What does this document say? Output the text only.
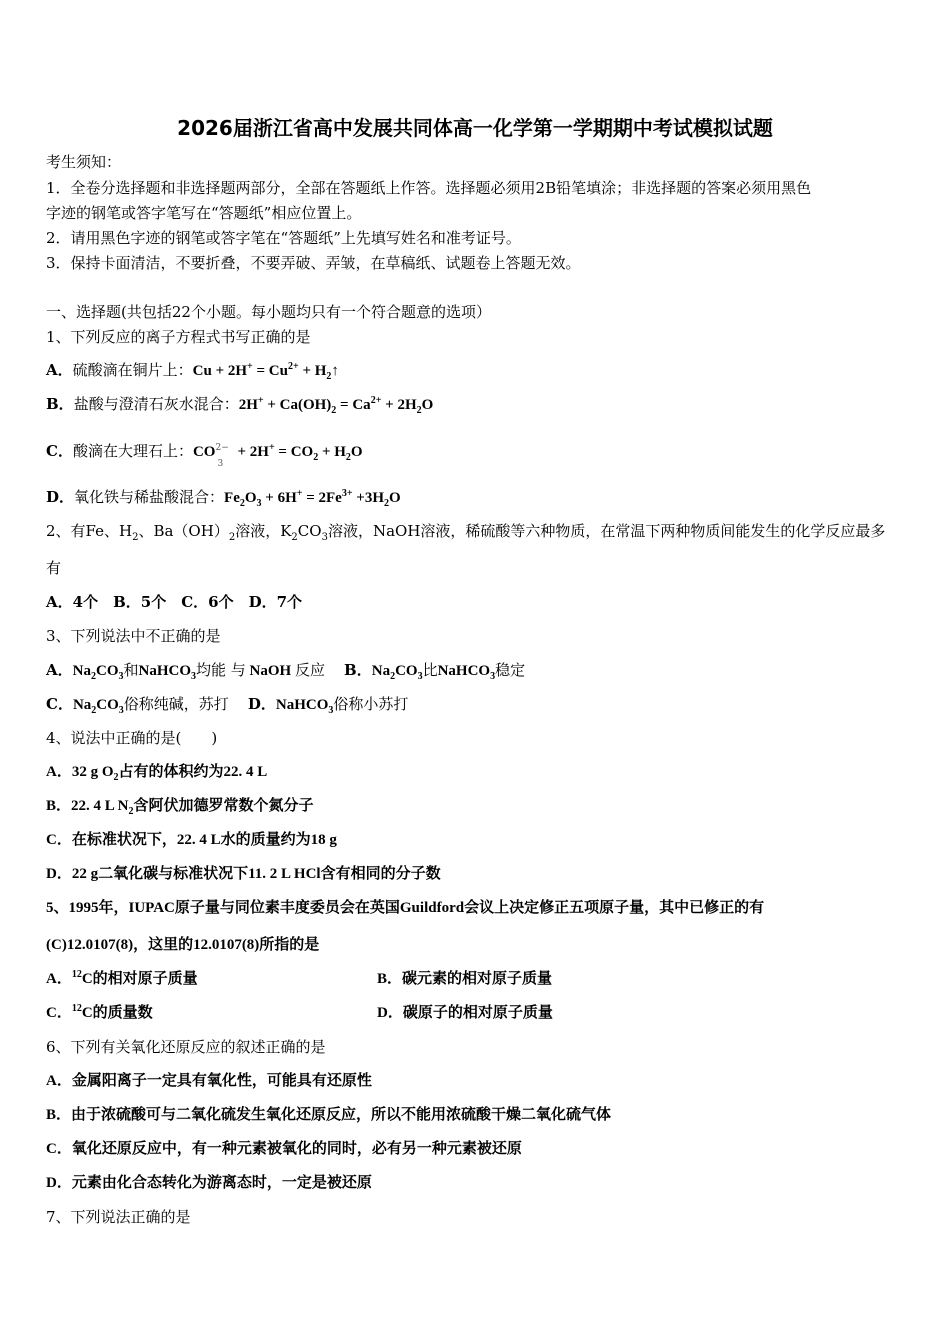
2026届浙江省高中发展共同体高一化学第一学期期中考试模拟试题
考生须知：
1．全卷分选择题和非选择题两部分，全部在答题纸上作答。选择题必须用2B铅笔填涂；非选择题的答案必须用黑色
字迹的钢笔或答字笔写在“答题纸”相应位置上。
2．请用黑色字迹的钢笔或答字笔在“答题纸”上先填写姓名和准考证号。
3．保持卡面清洁，不要折叠，不要弄破、弄皱，在草稿纸、试题卷上答题无效。
一、选择题(共包括22个小题。每小题均只有一个符合题意的选项）
1、下列反应的离子方程式书写正确的是
A．硫酸滴在铜片上：$Cu + 2H^+ = Cu^{2+}$ + $H_2↑$
B．盐酸与澄清石灰水混合：$2H^+ + Ca(OH)_2 = Ca^{2+} + 2H_2O$
C．酸滴在大理石上：CO 2−
3
+ $2H^+ = CO_2 + H_2O$
D．氧化铁与稀盐酸混合：$Fe_2O_3 + 6H^+ = 2Fe^{3+} +3H_2O$
2、有Fe、$H_2$、$Ba(OH)_2$溶液，$K_2CO_3$溶液，NaOH溶液，稀硫酸等六种物质，在常温下两种物质间能发生的化学反应最多
有
A．4个　B．5个　C．6个　D．7个
3、下列说法中不正确的是
A．$Na_2CO_3$和NaHCO$_3$均能 与 NaOH 反应 B．$Na_2CO_3$比NaHCO$_3$稳定
C．$Na_2CO_3$俗称纯碱，苏打 D．NaHCO$_3$俗称小苏打
4、说法中正确的是(　　)
A．32 g $O_2$占有的体积约为22. 4 L
B．22. 4 L $N_2$含阿伏加德罗常数个氮分子
C．在标准状况下，22. 4 L水的质量约为18 g
D．22 g二氧化碳与标准状况下11. 2 L HCl含有相同的分子数
5、1995年，IUPAC原子量与同位素丰度委员会在英国Guildford会议上决定修正五项原子量，其中已修正的有
(C)12.0107(8)，这里的12.0107(8)所指的是
A．$^{12}$C的相对原子质量	B．碳元素的相对原子质量
C．$^{12}$C的质量数	D．碳原子的相对原子质量
6、下列有关氧化还原反应的叙述正确的是
A．金属阳离子一定具有氧化性，可能具有还原性
B．由于浓硫酸可与二氧化硫发生氧化还原反应，所以不能用浓硫酸干燥二氧化硫气体
C．氧化还原反应中，有一种元素被氧化的同时，必有另一种元素被还原
D．元素由化合态转化为游离态时，一定是被还原
7、下列说法正确的是
